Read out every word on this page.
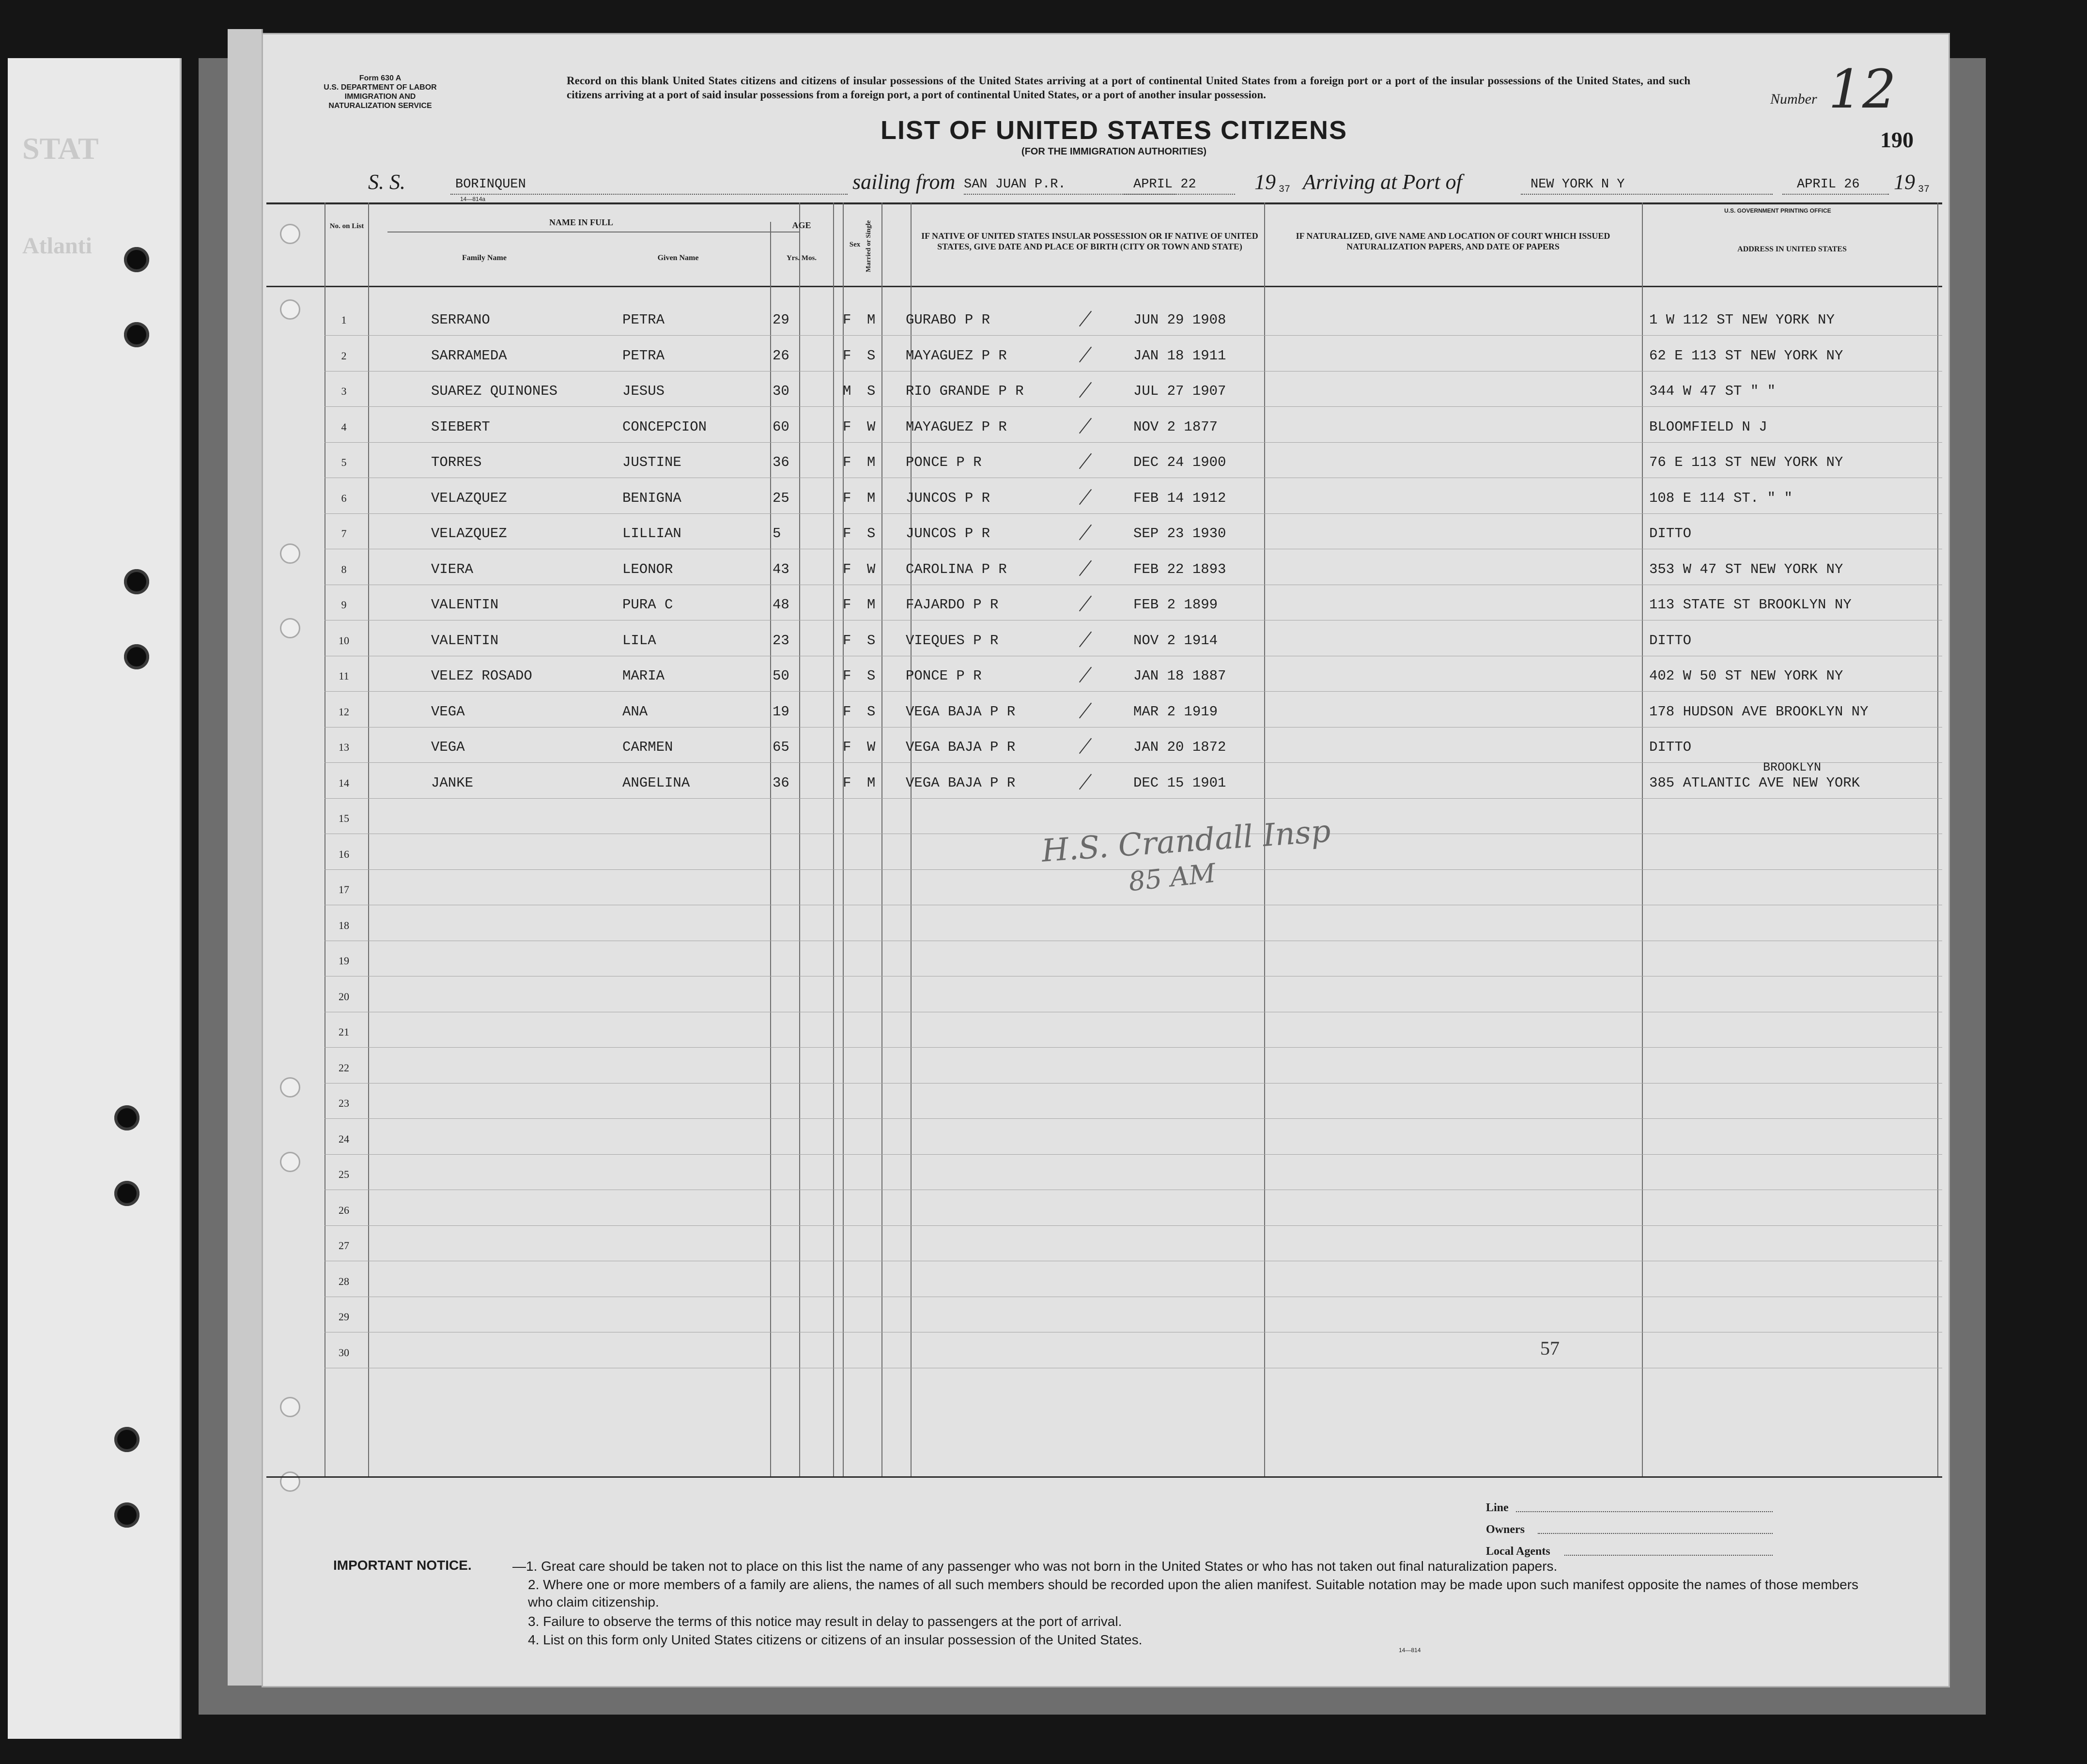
STAT
Atlanti
Form 630 A
U.S. DEPARTMENT OF LABOR
IMMIGRATION AND
NATURALIZATION SERVICE
Record on this blank United States citizens and citizens of insular possessions of the United States arriving at a port of continental United States from a foreign port or a port of the insular possessions of the United States, and such citizens arriving at a port of said insular possessions from a foreign port, a port of continental United States, or a port of another insular possession.	Number 12
190
LIST OF UNITED STATES CITIZENS
(FOR THE IMMIGRATION AUTHORITIES)
14—814a
S. S.	BORINQUEN	sailing from SAN JUAN P.R.	APRIL 22	19 37 Arriving at Port of	NEW YORK N Y	APRIL 26 19 37
U.S. GOVERNMENT PRINTING OFFICE
No. on List	NAME IN FULL
Family Name	Given Name
AGE
Yrs. Mos.
Sex Married or Single	IF NATIVE OF UNITED STATES INSULAR POSSESSION OR IF NATIVE OF UNITED STATES, GIVE DATE AND PLACE OF BIRTH (CITY OR TOWN AND STATE)
IF NATURALIZED, GIVE NAME AND LOCATION OF COURT WHICH ISSUED NATURALIZATION PAPERS, AND DATE OF PAPERS	ADDRESS IN UNITED STATES
1	SERRANO	PETRA	29	F M GURABO P R	JUN 29 1908	1 W 112 ST NEW YORK NY
2	SARRAMEDA	PETRA	26	F S MAYAGUEZ P R	JAN 18 1911	62 E 113 ST NEW YORK NY
3	SUAREZ QUINONES	JESUS	30	M S RIO GRANDE P R	JUL 27 1907	344 W 47 ST " "
4	SIEBERT	CONCEPCION	60	F W MAYAGUEZ P R	NOV 2 1877	BLOOMFIELD N J
5	TORRES	JUSTINE	36	F M PONCE P R	DEC 24 1900	76 E 113 ST NEW YORK NY
6	VELAZQUEZ	BENIGNA	25	F M JUNCOS P R	FEB 14 1912	108 E 114 ST. " "
7	VELAZQUEZ	LILLIAN	5	F S JUNCOS P R	SEP 23 1930	DITTO
8	VIERA	LEONOR	43	F W CAROLINA P R	FEB 22 1893	353 W 47 ST NEW YORK NY
9	VALENTIN	PURA C	48	F M FAJARDO P R	FEB 2 1899	113 STATE ST BROOKLYN NY
10	VALENTIN	LILA	23	F S VIEQUES P R	NOV 2 1914	DITTO
11	VELEZ ROSADO	MARIA	50	F S PONCE P R	JAN 18 1887	402 W 50 ST NEW YORK NY
12	VEGA	ANA	19	F S VEGA BAJA P R	MAR 2 1919	178 HUDSON AVE BROOKLYN NY
13	VEGA	CARMEN	65	F W VEGA BAJA P R	JAN 20 1872	DITTO
14	JANKE	ANGELINA	36	F M VEGA BAJA P R	DEC 15 1901	385 ATLANTIC AVE NEW YORK
BROOKLYN
15
16
17
18
19
20
21
22
23
24
25
26
27
28
29
30
H.S. Crandall Insp
85 AM
57
Line
Owners
Local Agents
IMPORTANT NOTICE.	—1. Great care should be taken not to place on this list the name of any passenger who was not born in the United States or who has not taken out final naturalization papers.
2. Where one or more members of a family are aliens, the names of all such members should be recorded upon the alien manifest. Suitable notation may be made upon such manifest opposite the names of those members who claim citizenship.
3. Failure to observe the terms of this notice may result in delay to passengers at the port of arrival.
4. List on this form only United States citizens or citizens of an insular possession of the United States.
14—814
